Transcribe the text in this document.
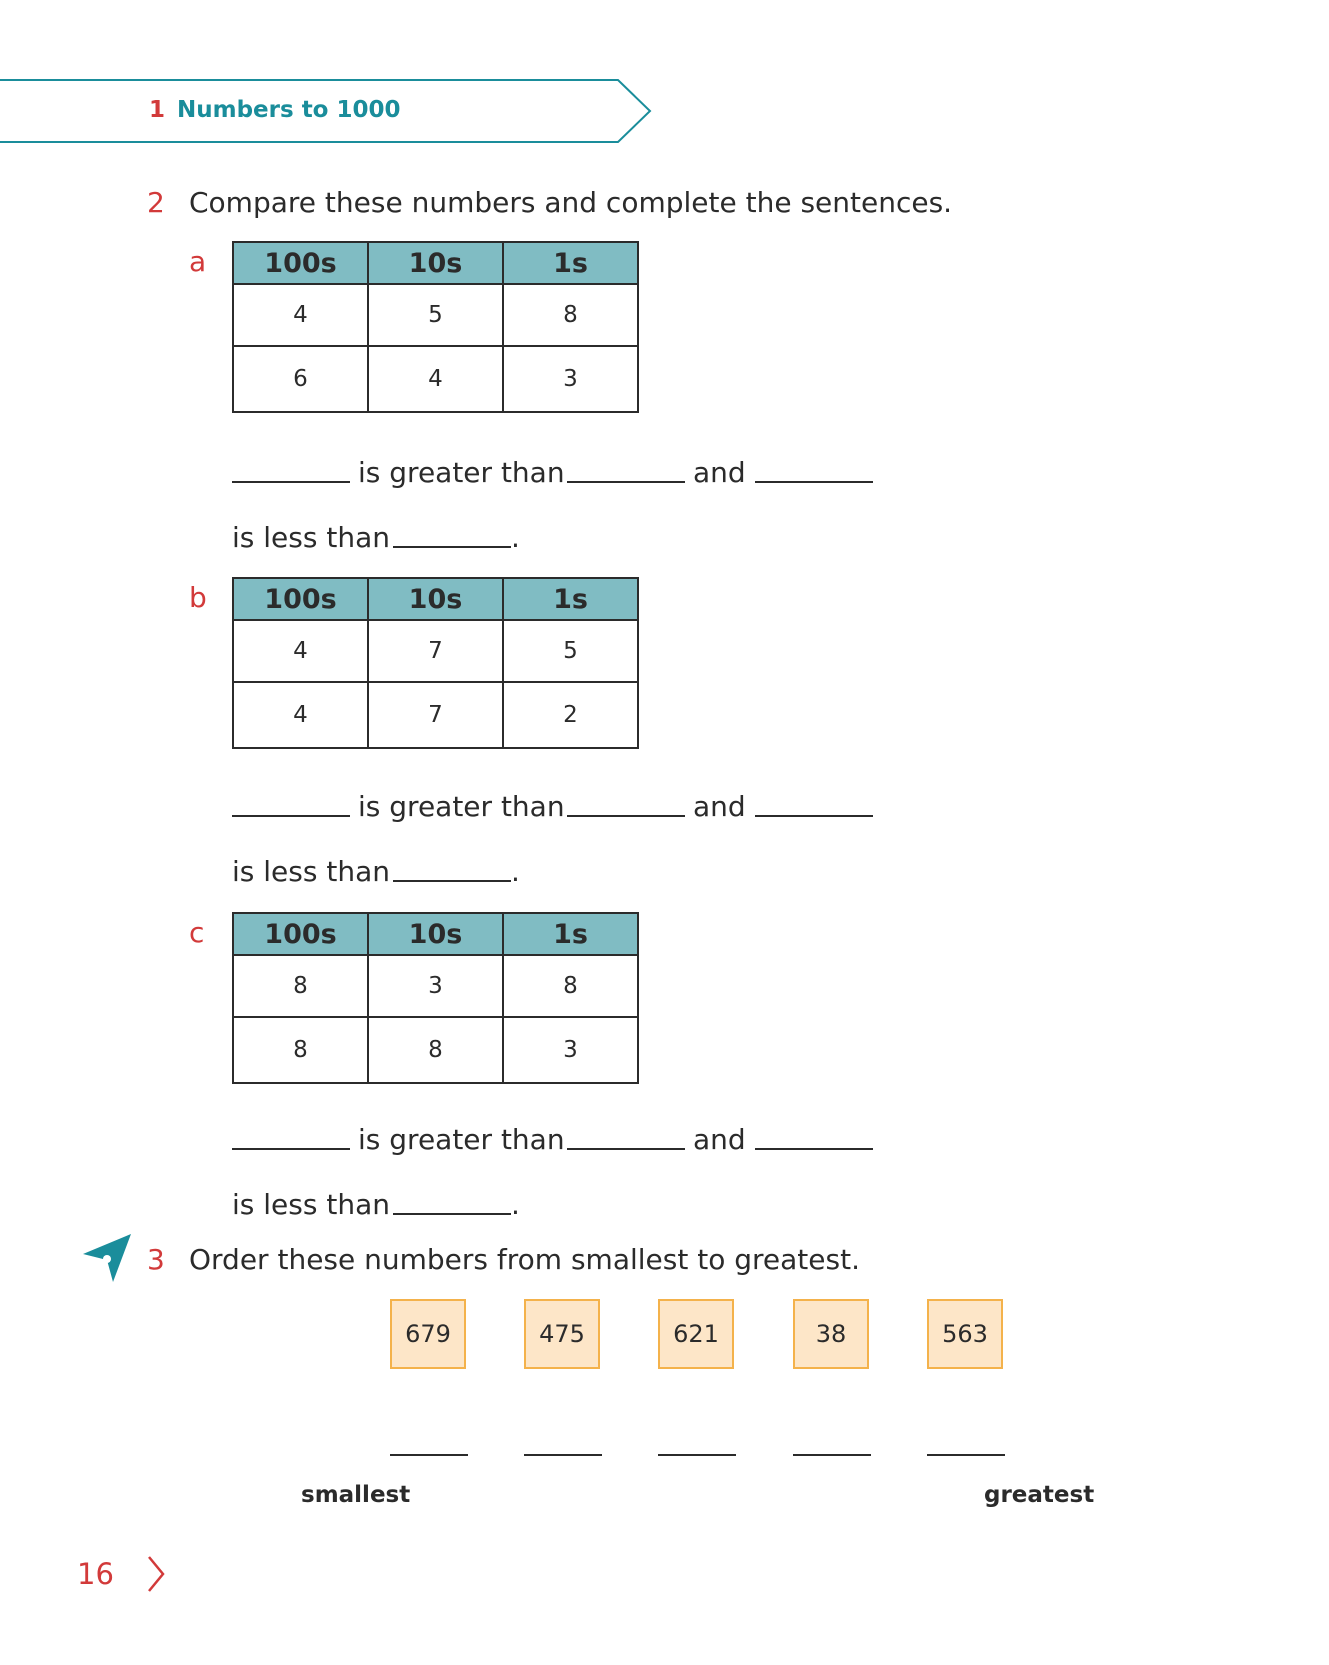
1 Numbers to 1000
2 Compare these numbers and complete the sentences.
a 100s	10s	1s
4	5	8
6	4	3
is greater than	and
is less than	.
b 100s	10s	1s
4	7	5
4	7	2
is greater than	and
is less than	.
c 100s	10s	1s
8	3	8
8	8	3
is greater than	and
is less than	.
3 Order these numbers from smallest to greatest.
679	475	621	38	563
smallest	greatest
16
